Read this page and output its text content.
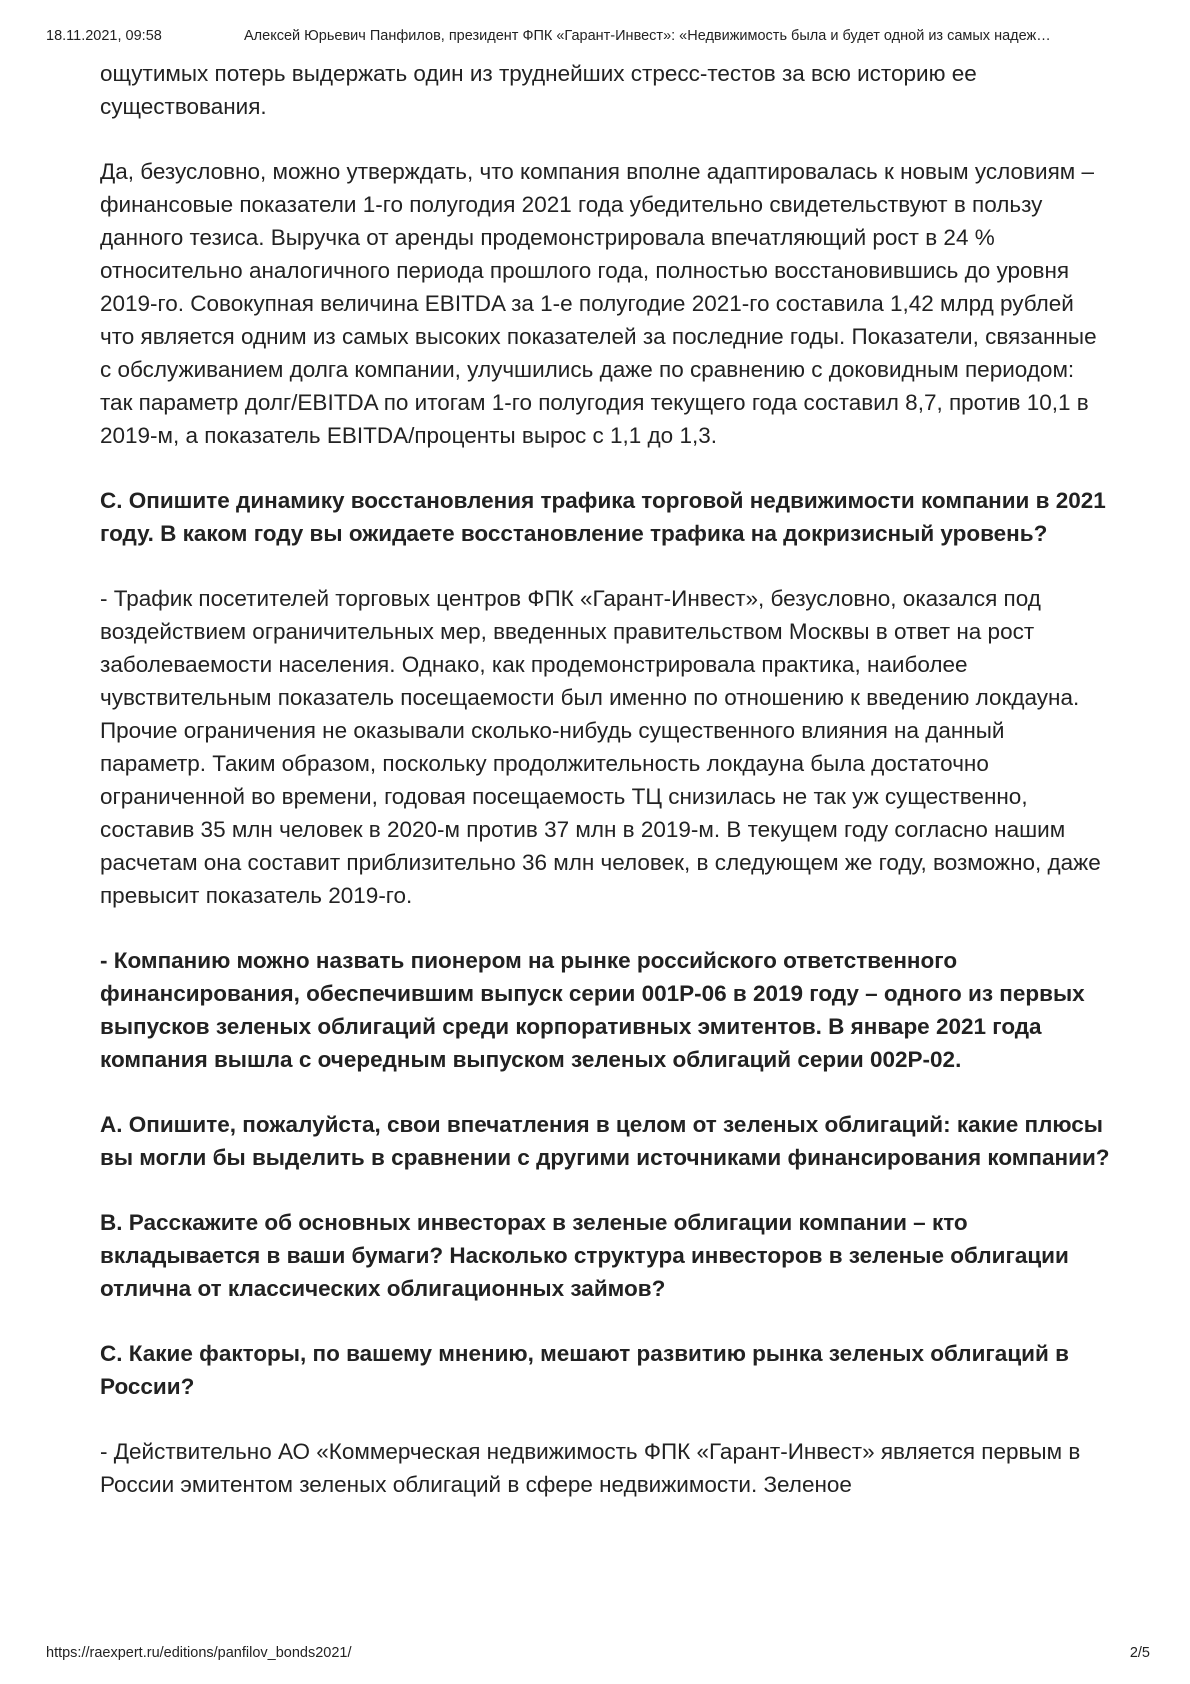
18.11.2021, 09:58	Алексей Юрьевич Панфилов, президент ФПК «Гарант-Инвест»: «Недвижимость была и будет одной из самых надеж…

ощутимых потерь выдержать один из труднейших стресс-тестов за всю историю ее существования.

Да, безусловно, можно утверждать, что компания вполне адаптировалась к новым условиям – финансовые показатели 1-го полугодия 2021 года убедительно свидетельствуют в пользу данного тезиса. Выручка от аренды продемонстрировала впечатляющий рост в 24 % относительно аналогичного периода прошлого года, полностью восстановившись до уровня 2019-го. Совокупная величина EBITDA за 1-е полугодие 2021-го составила 1,42 млрд рублей что является одним из самых высоких показателей за последние годы. Показатели, связанные с обслуживанием долга компании, улучшились даже по сравнению с доковидным периодом: так параметр долг/EBITDA по итогам 1-го полугодия текущего года составил 8,7, против 10,1 в 2019-м, а показатель EBITDA/проценты вырос с 1,1 до 1,3.

C. Опишите динамику восстановления трафика торговой недвижимости компании в 2021 году. В каком году вы ожидаете восстановление трафика на докризисный уровень?

- Трафик посетителей торговых центров ФПК «Гарант-Инвест», безусловно, оказался под воздействием ограничительных мер, введенных правительством Москвы в ответ на рост заболеваемости населения. Однако, как продемонстрировала практика, наиболее чувствительным показатель посещаемости был именно по отношению к введению локдауна. Прочие ограничения не оказывали сколько-нибудь существенного влияния на данный параметр. Таким образом, поскольку продолжительность локдауна была достаточно ограниченной во времени, годовая посещаемость ТЦ снизилась не так уж существенно, составив 35 млн человек в 2020-м против 37 млн в 2019-м. В текущем году согласно нашим расчетам она составит приблизительно 36 млн человек, в следующем же году, возможно, даже превысит показатель 2019-го.

- Компанию можно назвать пионером на рынке российского ответственного финансирования, обеспечившим выпуск серии 001Р-06 в 2019 году – одного из первых выпусков зеленых облигаций среди корпоративных эмитентов. В январе 2021 года компания вышла с очередным выпуском зеленых облигаций серии 002Р-02.

A. Опишите, пожалуйста, свои впечатления в целом от зеленых облигаций: какие плюсы вы могли бы выделить в сравнении с другими источниками финансирования компании?

B. Расскажите об основных инвесторах в зеленые облигации компании – кто вкладывается в ваши бумаги? Насколько структура инвесторов в зеленые облигации отлична от классических облигационных займов?

C. Какие факторы, по вашему мнению, мешают развитию рынка зеленых облигаций в России?

- Действительно АО «Коммерческая недвижимость ФПК «Гарант-Инвест» является первым в России эмитентом зеленых облигаций в сфере недвижимости. Зеленое

https://raexpert.ru/editions/panfilov_bonds2021/	2/5
